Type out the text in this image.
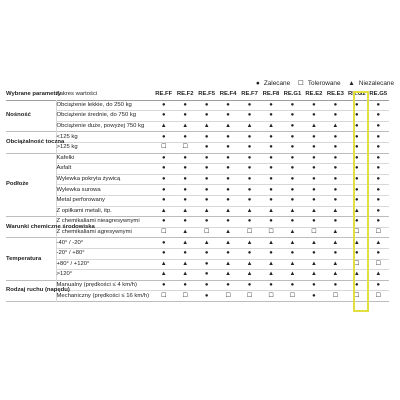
● Zalecane ☐ Tolerowane ▲ Niezalecane
Wybrane parametry	Zakres wartości	RE.FF	RE.F2	RE.F5	RE.F4	RE.F7	RE.F8	RE.G1	RE.E2	RE.E3	RE.G2	RE.G5
Nośność	Obciążenie lekkie, do 250 kg	●	●	●	●	●	●	●	●	●	●	●
	Obciążenie średnie, do 750 kg	●	●	●	●	●	●	●	●	●	●	●
	Obciążenie duże, powyżej 750 kg	▲	▲	▲	▲	▲	▲	●	▲	▲	●	●
Obciążalność toczna	<125 kg	●	●	●	●	●	●	●	●	●	●	●
	>125 kg	☐	☐	●	●	●	●	●	●	●	●	●
Podłoże	Kafelki	●	●	●	●	●	●	●	●	●	●	●
	Asfalt	●	●	●	●	●	●	●	●	●	●	●
	Wylewka pokryta żywicą	●	●	●	●	●	●	●	●	●	●	●
	Wylewka surowa	●	●	●	●	●	●	●	●	●	●	●
	Metal perforowany	●	●	●	●	●	●	●	●	●	●	●
	Z opiłkami metali, itp.	▲	▲	▲	▲	▲	▲	▲	▲	▲	▲	●
Warunki chemiczne środowiska	Z chemikaliami nieagresywnymi	●	●	●	●	●	●	●	●	●	●	●
	Z chemikaliami agresywnymi	☐	▲	☐	▲	☐	☐	▲	☐	▲	☐	☐
Temperatura	-40° / -20°	●	▲	▲	▲	▲	▲	▲	▲	▲	▲	▲
	-20° / +80°	●	●	●	●	●	●	●	●	●	●	●
	+80° / +120°	▲	▲	●	▲	▲	▲	▲	▲	▲	☐	☐
	>120°	▲	▲	●	▲	▲	▲	▲	▲	▲	▲	▲
Rodzaj ruchu (napędu)	Manualny (prędkości ≤ 4 km/h)	●	●	●	●	●	●	●	●	●	●	●
	Mechaniczny (prędkości ≤ 16 km/h)	☐	☐	●	☐	☐	☐	☐	●	☐	☐	☐
